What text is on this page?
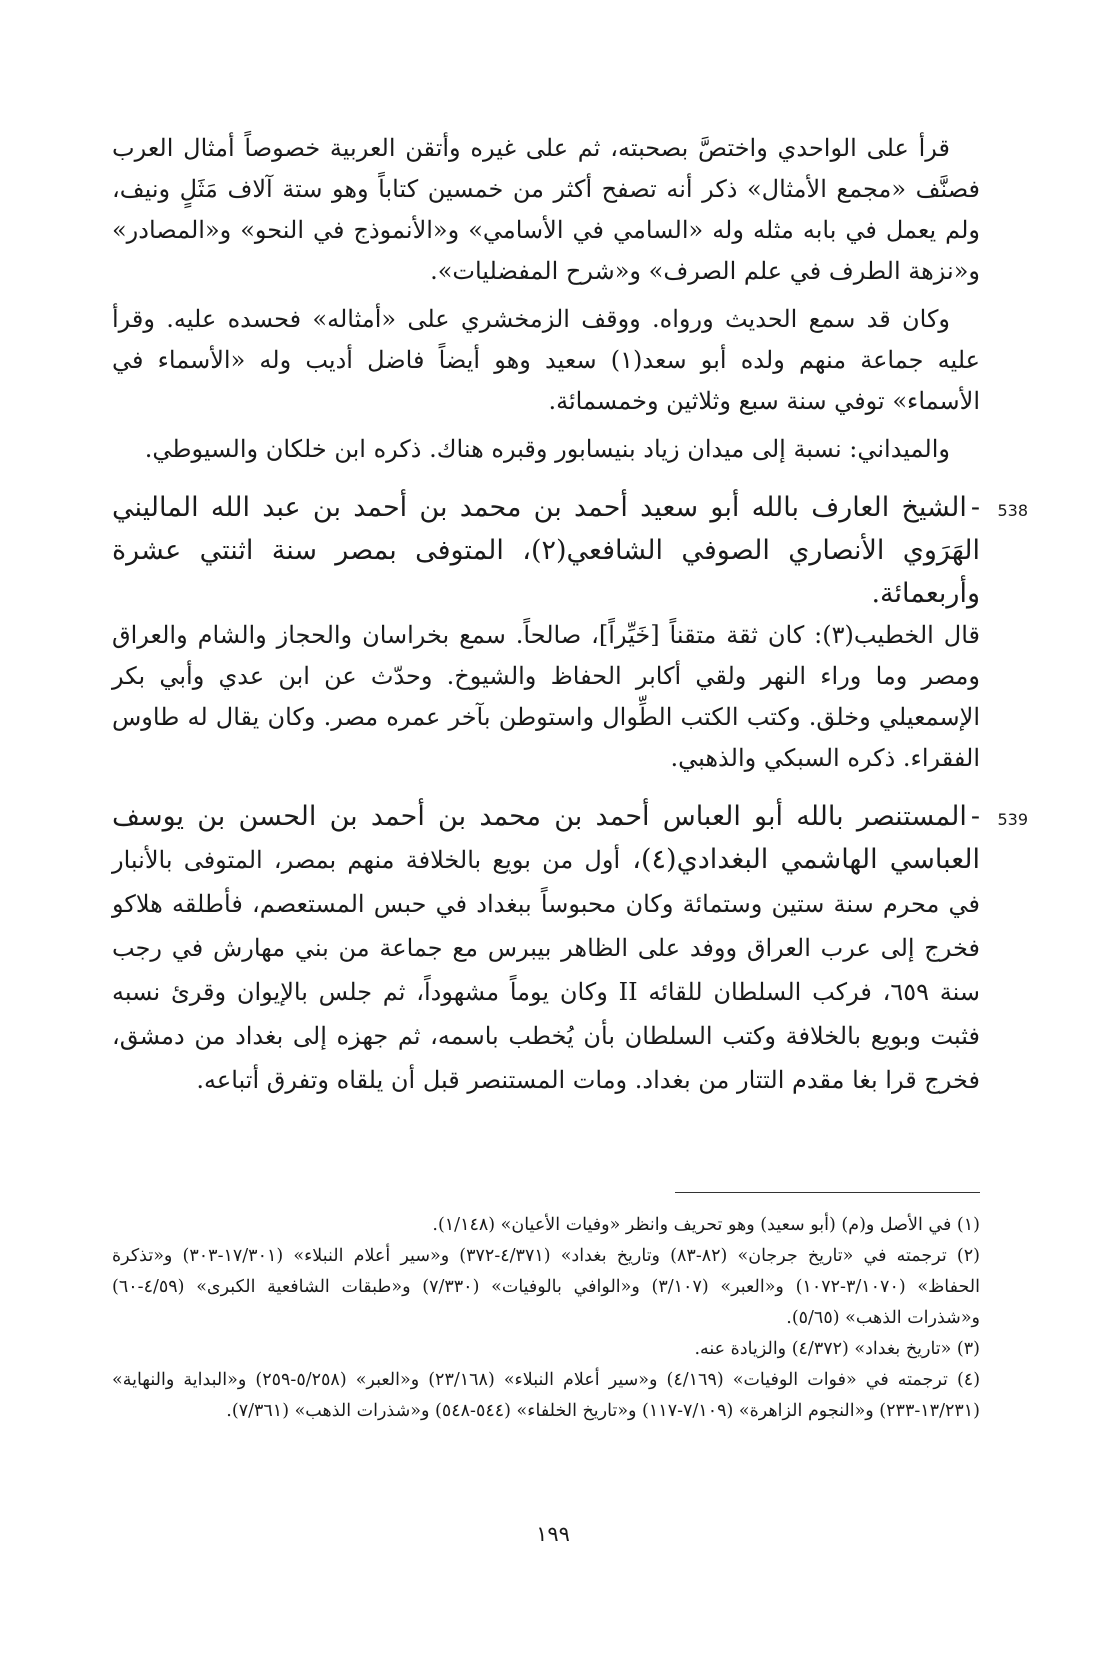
قرأ على الواحدي واختصَّ بصحبته، ثم على غيره وأتقن العربية خصوصاً أمثال العرب فصنَّف «مجمع الأمثال» ذكر أنه تصفح أكثر من خمسين كتاباً وهو ستة آلاف مَثَلٍ ونيف، ولم يعمل في بابه مثله وله «السامي في الأسامي» و«الأنموذج في النحو» و«المصادر» و«نزهة الطرف في علم الصرف» و«شرح المفضليات».

وكان قد سمع الحديث ورواه. ووقف الزمخشري على «أمثاله» فحسده عليه. وقرأ عليه جماعة منهم ولده أبو سعد(١) سعيد وهو أيضاً فاضل أديب وله «الأسماء في الأسماء» توفي سنة سبع وثلاثين وخمسمائة.

والميداني: نسبة إلى ميدان زياد بنيسابور وقبره هناك. ذكره ابن خلكان والسيوطي.

538
-الشيخ العارف بالله أبو سعيد أحمد بن محمد بن أحمد بن عبد الله الماليني الهَرَوي الأنصاري الصوفي الشافعي(٢)، المتوفى بمصر سنة اثنتي عشرة وأربعمائة.

قال الخطيب(٣): كان ثقة متقناً [خَيِّراً]، صالحاً. سمع بخراسان والحجاز والشام والعراق ومصر وما وراء النهر ولقي أكابر الحفاظ والشيوخ. وحدّث عن ابن عدي وأبي بكر الإسمعيلي وخلق. وكتب الكتب الطِّوال واستوطن بآخر عمره مصر. وكان يقال له طاوس الفقراء. ذكره السبكي والذهبي.

539
-المستنصر بالله أبو العباس أحمد بن محمد بن أحمد بن الحسن بن يوسف العباسي الهاشمي البغدادي(٤)، أول من بويع بالخلافة منهم بمصر، المتوفى بالأنبار في محرم سنة ستين وستمائة وكان محبوساً ببغداد في حبس المستعصم، فأطلقه هلاكو فخرج إلى عرب العراق ووفد على الظاهر بيبرس مع جماعة من بني مهارش في رجب سنة ٦٥٩، فركب السلطان للقائه II وكان يوماً مشهوداً، ثم جلس بالإيوان وقرئ نسبه فثبت وبويع بالخلافة وكتب السلطان بأن يُخطب باسمه، ثم جهزه إلى بغداد من دمشق، فخرج قرا بغا مقدم التتار من بغداد. ومات المستنصر قبل أن يلقاه وتفرق أتباعه.

(١) في الأصل و(م) (أبو سعيد) وهو تحريف وانظر «وفيات الأعيان» (١/١٤٨).

(٢) ترجمته في «تاريخ جرجان» (٨٢-٨٣) وتاريخ بغداد» (٤/٣٧١-٣٧٢) و«سير أعلام النبلاء» (١٧/٣٠١-٣٠٣) و«تذكرة الحفاظ» (٣/١٠٧٠-١٠٧٢) و«العبر» (٣/١٠٧) و«الوافي بالوفيات» (٧/٣٣٠) و«طبقات الشافعية الكبرى» (٤/٥٩-٦٠) و«شذرات الذهب» (٥/٦٥).

(٣) «تاريخ بغداد» (٤/٣٧٢) والزيادة عنه.

(٤) ترجمته في «فوات الوفيات» (٤/١٦٩) و«سير أعلام النبلاء» (٢٣/١٦٨) و«العبر» (٥/٢٥٨-٢٥٩) و«البداية والنهاية» (١٣/٢٣١-٢٣٣) و«النجوم الزاهرة» (٧/١٠٩-١١٧) و«تاريخ الخلفاء» (٥٤٤-٥٤٨) و«شذرات الذهب» (٧/٣٦١).

١٩٩
